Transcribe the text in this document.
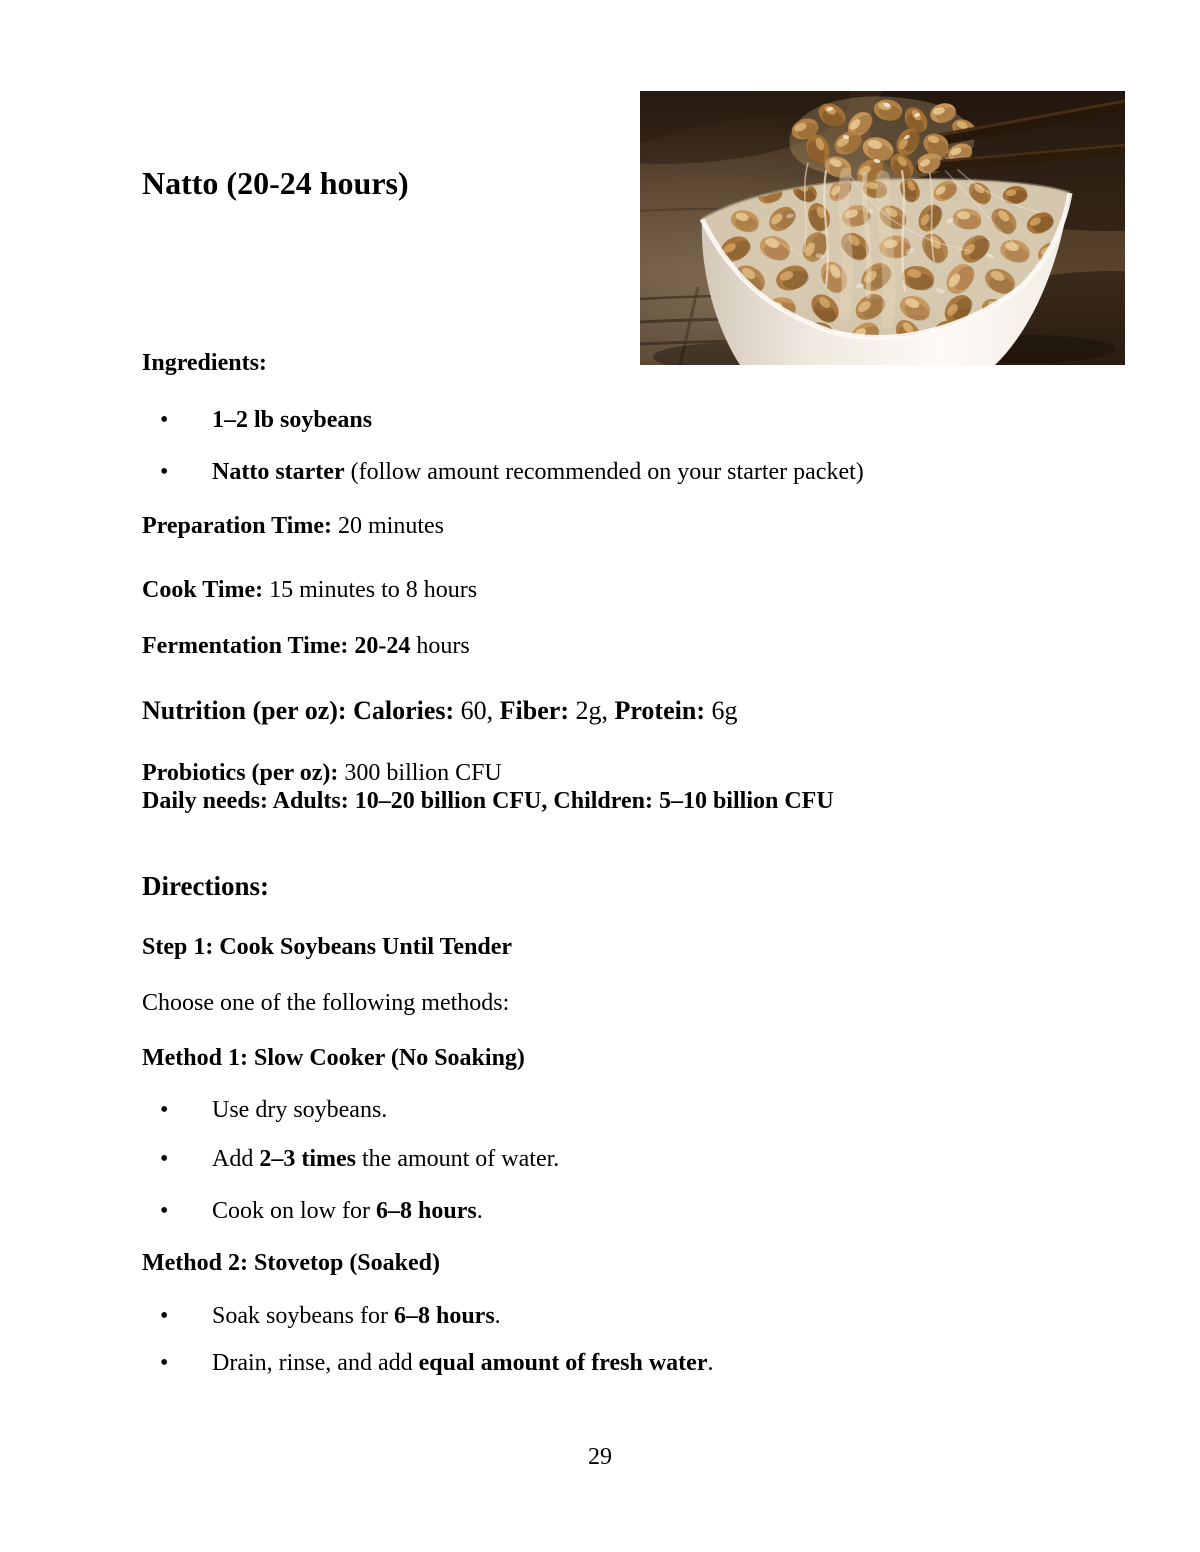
Natto (20-24 hours)
Ingredients:
• 1–2 lb soybeans
• Natto starter (follow amount recommended on your starter packet)
Preparation Time: 20 minutes
Cook Time: 15 minutes to 8 hours
Fermentation Time: 20-24 hours
Nutrition (per oz): Calories: 60, Fiber: 2g, Protein: 6g
Probiotics (per oz): 300 billion CFU
Daily needs: Adults: 10–20 billion CFU, Children: 5–10 billion CFU
Directions:
Step 1: Cook Soybeans Until Tender
Choose one of the following methods:
Method 1: Slow Cooker (No Soaking)
• Use dry soybeans.
• Add 2–3 times the amount of water.
• Cook on low for 6–8 hours.
Method 2: Stovetop (Soaked)
• Soak soybeans for 6–8 hours.
• Drain, rinse, and add equal amount of fresh water.
29
